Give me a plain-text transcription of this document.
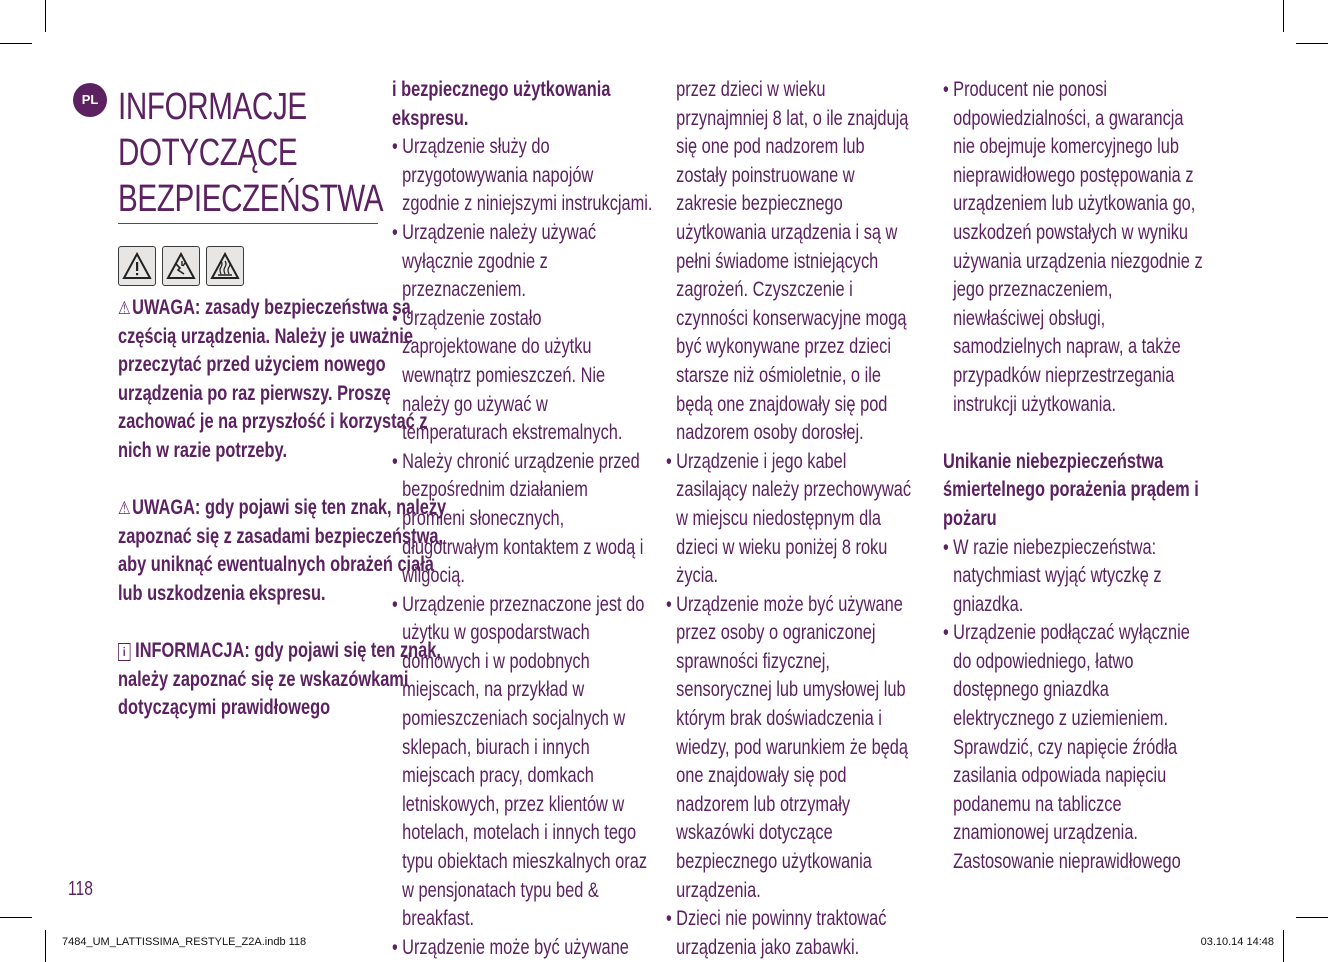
PL INFORMACJE
DOTYCZĄCE
BEZPIECZEŃSTWA

⚠UWAGA: zasady bezpieczeństwa są częścią urządzenia. Należy je uważnie przeczytać przed użyciem nowego urządzenia po raz pierwszy. Proszę zachować je na przyszłość i korzystać z nich w razie potrzeby.

⚠UWAGA: gdy pojawi się ten znak, należy zapoznać się z zasadami bezpieczeństwa, aby uniknąć ewentualnych obrażeń ciała lub uszkodzenia ekspresu.

i INFORMACJA: gdy pojawi się ten znak, należy zapoznać się ze wskazówkami dotyczącymi prawidłowego

i bezpiecznego użytkowania ekspresu.

• Urządzenie służy do przygotowywania napojów zgodnie z niniejszymi instrukcjami.

• Urządzenie należy używać wyłącznie zgodnie z przeznaczeniem.

• Urządzenie zostało zaprojektowane do użytku wewnątrz pomieszczeń. Nie należy go używać w temperaturach ekstremalnych.

• Należy chronić urządzenie przed bezpośrednim działaniem promieni słonecznych, długotrwałym kontaktem z wodą i wilgocią.

• Urządzenie przeznaczone jest do użytku w gospodarstwach domowych i w podobnych miejscach, na przykład w pomieszczeniach socjalnych w sklepach, biurach i innych miejscach pracy, domkach letniskowych, przez klientów w hotelach, motelach i innych tego typu obiektach mieszkalnych oraz w pensjonatach typu bed & breakfast.

• Urządzenie może być używane

przez dzieci w wieku przynajmniej 8 lat, o ile znajdują się one pod nadzorem lub zostały poinstruowane w zakresie bezpiecznego użytkowania urządzenia i są w pełni świadome istniejących zagrożeń. Czyszczenie i czynności konserwacyjne mogą być wykonywane przez dzieci starsze niż ośmioletnie, o ile będą one znajdowały się pod nadzorem osoby dorosłej.

• Urządzenie i jego kabel zasilający należy przechowywać w miejscu niedostępnym dla dzieci w wieku poniżej 8 roku życia.

• Urządzenie może być używane przez osoby o ograniczonej sprawności fizycznej, sensorycznej lub umysłowej lub którym brak doświadczenia i wiedzy, pod warunkiem że będą one znajdowały się pod nadzorem lub otrzymały wskazówki dotyczące bezpiecznego użytkowania urządzenia.

• Dzieci nie powinny traktować urządzenia jako zabawki.

• Producent nie ponosi odpowiedzialności, a gwarancja nie obejmuje komercyjnego lub nieprawidłowego postępowania z urządzeniem lub użytkowania go, uszkodzeń powstałych w wyniku używania urządzenia niezgodnie z jego przeznaczeniem, niewłaściwej obsługi, samodzielnych napraw, a także przypadków nieprzestrzegania instrukcji użytkowania.

Unikanie niebezpieczeństwa śmiertelnego porażenia prądem i pożaru

• W razie niebezpieczeństwa: natychmiast wyjąć wtyczkę z gniazdka.

• Urządzenie podłączać wyłącznie do odpowiedniego, łatwo dostępnego gniazdka elektrycznego z uziemieniem. Sprawdzić, czy napięcie źródła zasilania odpowiada napięciu podanemu na tabliczce znamionowej urządzenia. Zastosowanie nieprawidłowego

118
7484_UM_LATTISSIMA_RESTYLE_Z2A.indb 118	03.10.14 14:48
